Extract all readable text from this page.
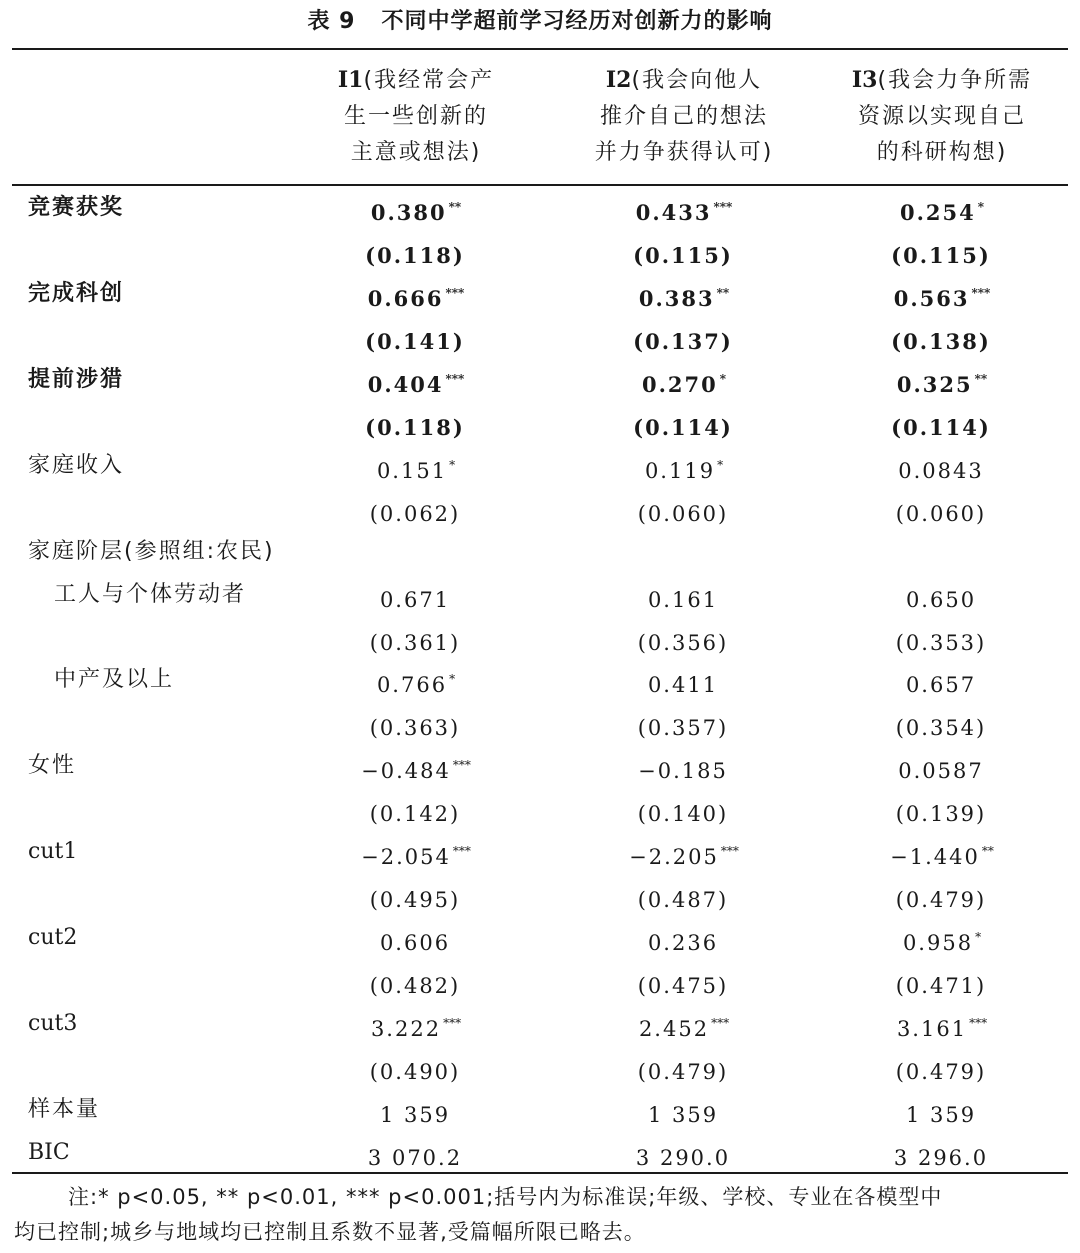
表 9 不同中学超前学习经历对创新力的影响
I1(我经常会产
生一些创新的
主意或想法)
I2(我会向他人
推介自己的想法
并力争获得认可)
I3(我会力争所需
资源以实现自己
的科研构想)
竞赛获奖	0.380 **	0.433 ***	0.254 *
(0.118)	(0.115)	(0.115)
完成科创	0.666 ***	0.383 **	0.563 ***
(0.141)	(0.137)	(0.138)
提前涉猎	0.404 ***	0.270 *	0.325 **
(0.118)	(0.114)	(0.114)
家庭收入	0.151 *	0.119 *	0.0843
(0.062)	(0.060)	(0.060)
家庭阶层(参照组:农民)
工人与个体劳动者	0.671	0.161	0.650
(0.361)	(0.356)	(0.353)
中产及以上	0.766 *	0.411	0.657
(0.363)	(0.357)	(0.354)
女性	−0.484 ***	−0.185	0.0587
(0.142)	(0.140)	(0.139)
cut1	−2.054 ***	−2.205 ***	−1.440 **
(0.495)	(0.487)	(0.479)
cut2	0.606	0.236	0.958 *
(0.482)	(0.475)	(0.471)
cut3	3.222 ***	2.452 ***	3.161 ***
(0.490)	(0.479)	(0.479)
样本量	1 359	1 359	1 359
BIC	3 070.2	3 290.0	3 296.0
注:* p<0.05, ** p<0.01, *** p<0.001;括号内为标准误;年级、学校、专业在各模型中
均已控制;城乡与地域均已控制且系数不显著,受篇幅所限已略去。
